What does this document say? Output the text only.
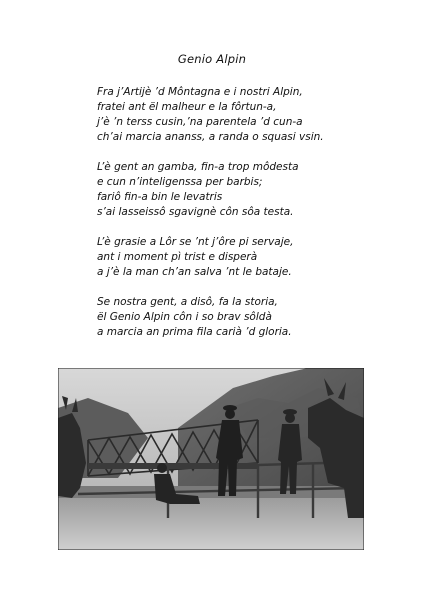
Genio Alpin
Fra j’Artijè ’d Môntagna e i nostri Alpin,
fratei ant ël malheur e la fôrtun-a,
j’è ’n terss cusin,’na parentela ’d cun-a
ch’ai marcia ananss, a randa o squasi vsin.
L’è gent an gamba, fin-a trop môdesta
e cun n’inteligenssa per barbis;
fariô fin-a bin le levatris
s’ai lasseissô sgavignè côn sôa testa.
L’è grasie a Lôr se ’nt j’ôre pi servaje,
ant i moment pì trist e disperà
a j’è la man ch’an salva ’nt le bataje.
Se nostra gent, a disô, fa la storia,
ël Genio Alpin côn i so brav sôldà
a marcia an prima fila carià ’d gloria.
